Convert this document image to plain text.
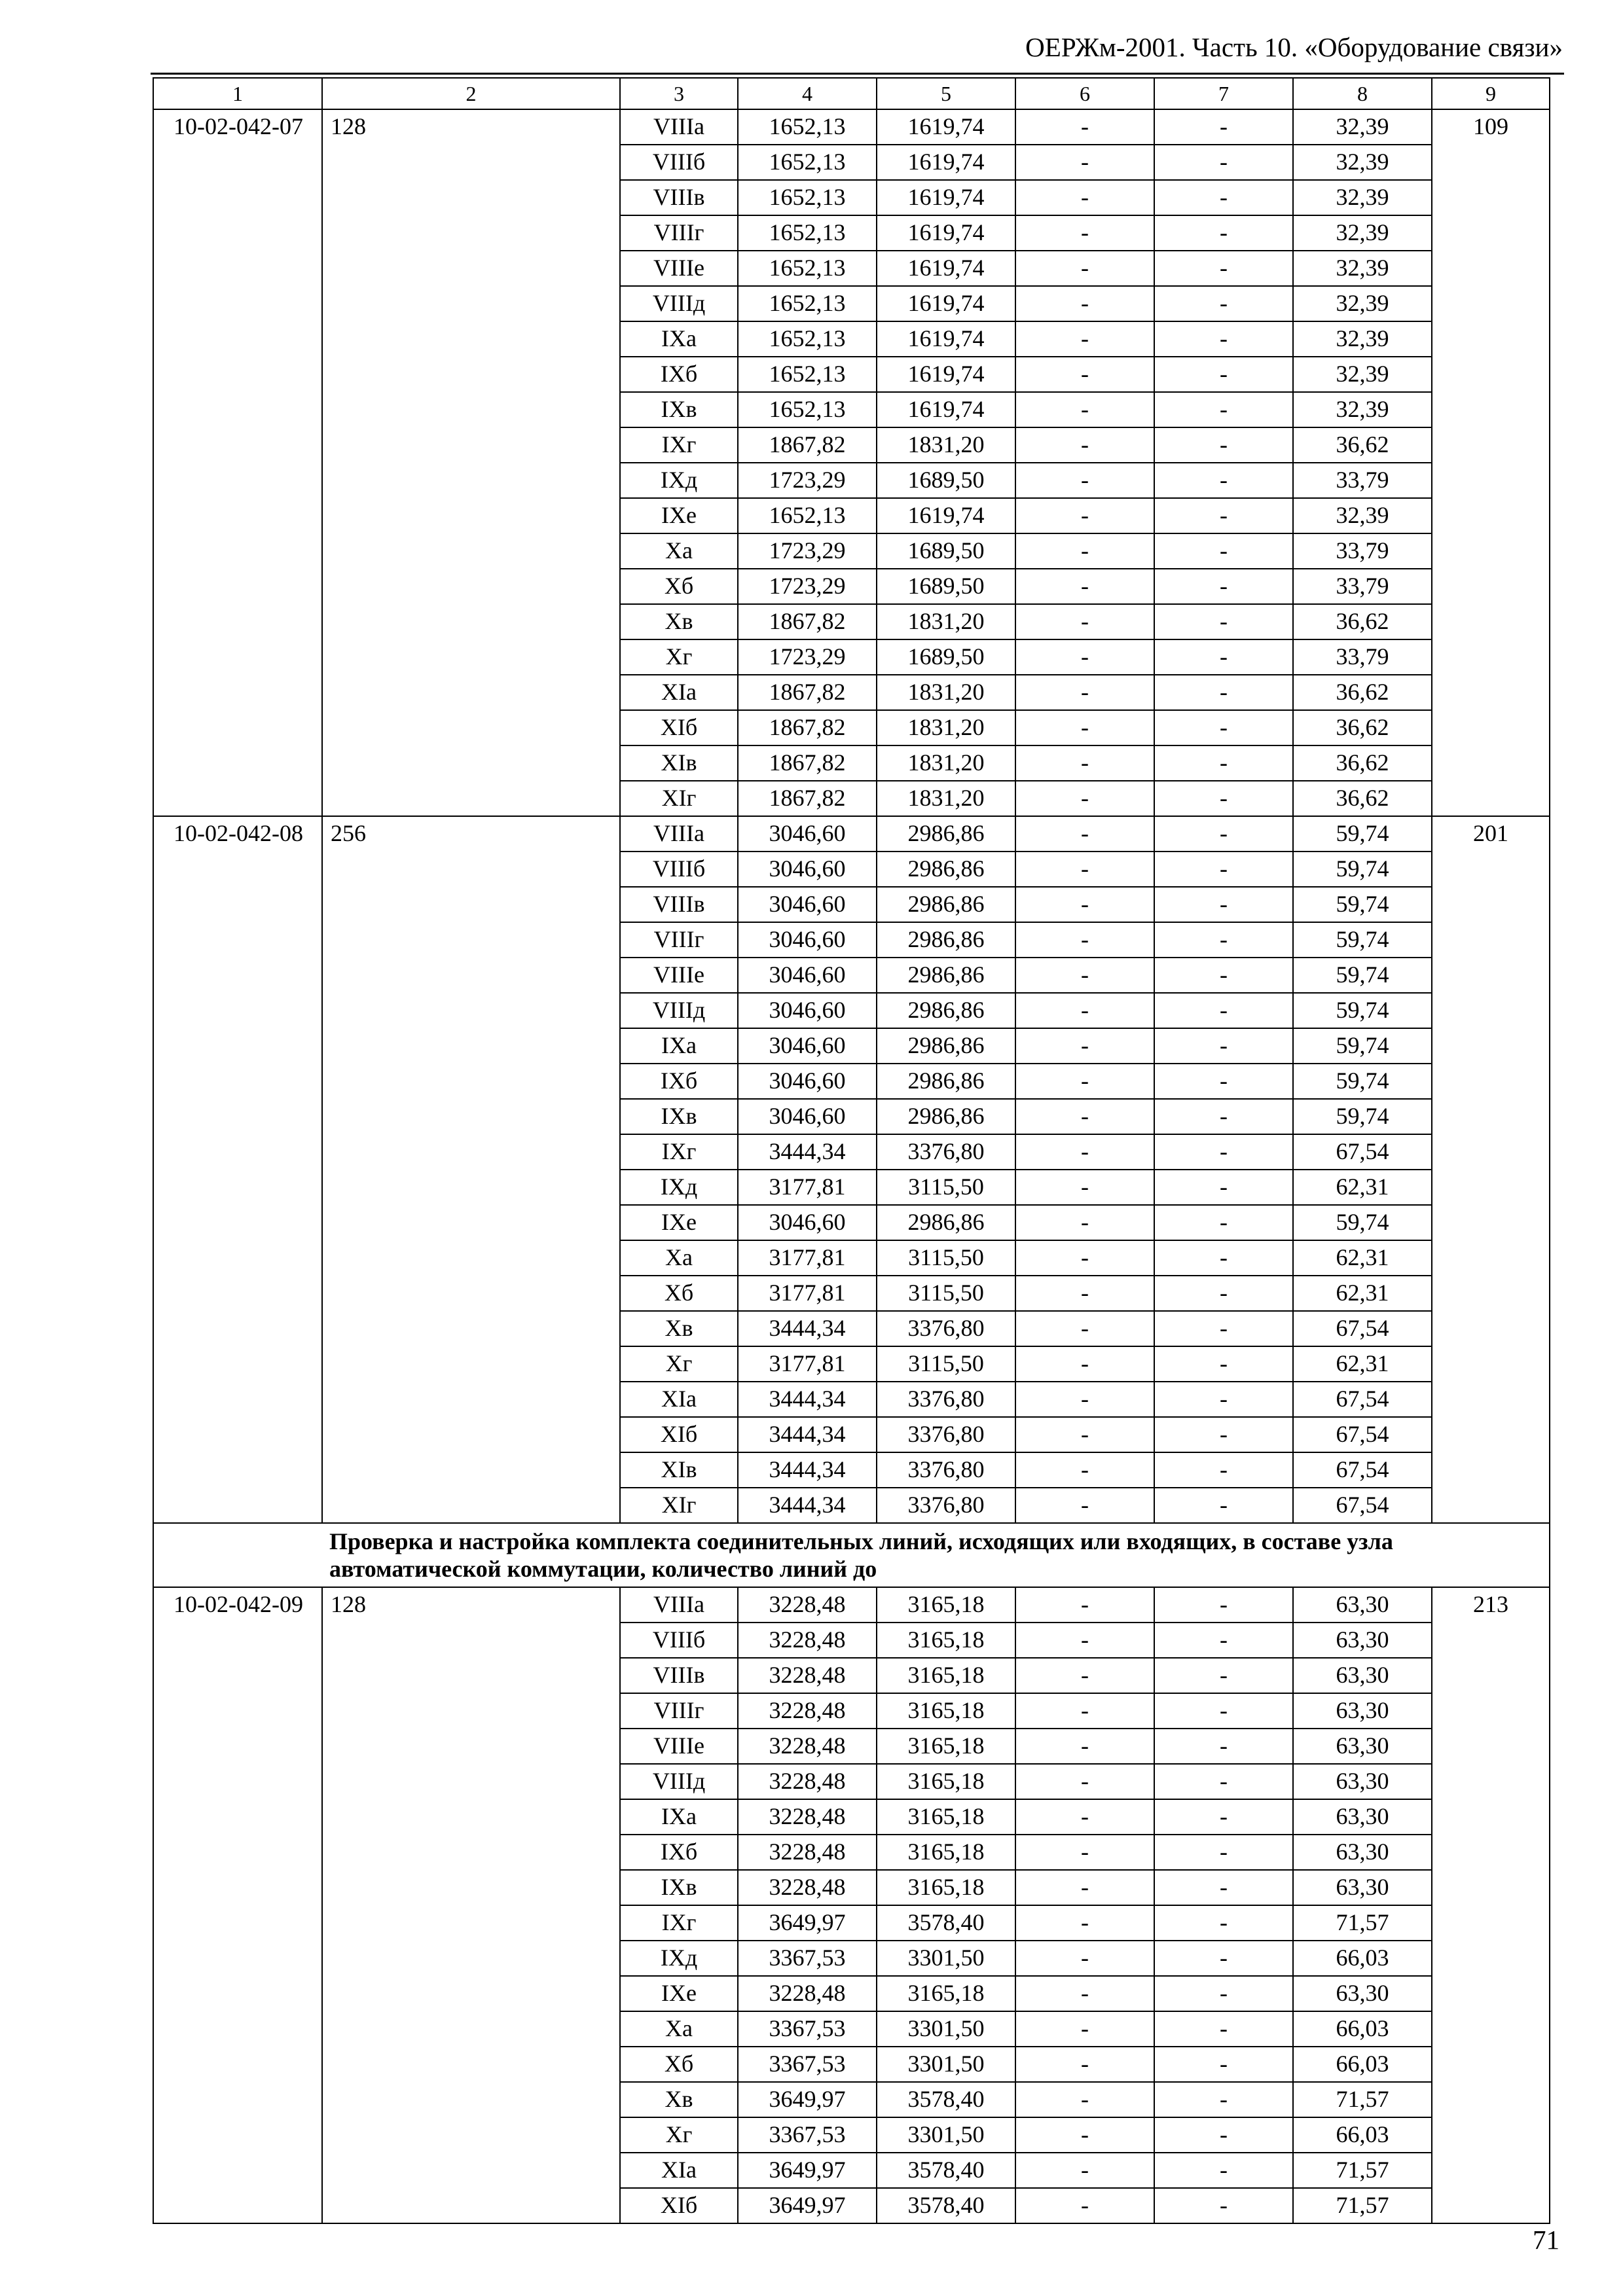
ОЕРЖм-2001. Часть 10. «Оборудование связи»
1	2	3	4	5	6	7	8	9
10-02-042-07	128	VIIIа	1652,13	1619,74	-	-	32,39	109
		VIIIб	1652,13	1619,74	-	-	32,39	
		VIIIв	1652,13	1619,74	-	-	32,39	
		VIIIг	1652,13	1619,74	-	-	32,39	
		VIIIе	1652,13	1619,74	-	-	32,39	
		VIIIд	1652,13	1619,74	-	-	32,39	
		IXа	1652,13	1619,74	-	-	32,39	
		IXб	1652,13	1619,74	-	-	32,39	
		IXв	1652,13	1619,74	-	-	32,39	
		IXг	1867,82	1831,20	-	-	36,62	
		IXд	1723,29	1689,50	-	-	33,79	
		IXе	1652,13	1619,74	-	-	32,39	
		Xа	1723,29	1689,50	-	-	33,79	
		Xб	1723,29	1689,50	-	-	33,79	
		Xв	1867,82	1831,20	-	-	36,62	
		Xг	1723,29	1689,50	-	-	33,79	
		XIа	1867,82	1831,20	-	-	36,62	
		XIб	1867,82	1831,20	-	-	36,62	
		XIв	1867,82	1831,20	-	-	36,62	
		XIг	1867,82	1831,20	-	-	36,62	
10-02-042-08	256	VIIIа	3046,60	2986,86	-	-	59,74	201
		VIIIб	3046,60	2986,86	-	-	59,74	
		VIIIв	3046,60	2986,86	-	-	59,74	
		VIIIг	3046,60	2986,86	-	-	59,74	
		VIIIе	3046,60	2986,86	-	-	59,74	
		VIIIд	3046,60	2986,86	-	-	59,74	
		IXа	3046,60	2986,86	-	-	59,74	
		IXб	3046,60	2986,86	-	-	59,74	
		IXв	3046,60	2986,86	-	-	59,74	
		IXг	3444,34	3376,80	-	-	67,54	
		IXд	3177,81	3115,50	-	-	62,31	
		IXе	3046,60	2986,86	-	-	59,74	
		Xа	3177,81	3115,50	-	-	62,31	
		Xб	3177,81	3115,50	-	-	62,31	
		Xв	3444,34	3376,80	-	-	67,54	
		Xг	3177,81	3115,50	-	-	62,31	
		XIа	3444,34	3376,80	-	-	67,54	
		XIб	3444,34	3376,80	-	-	67,54	
		XIв	3444,34	3376,80	-	-	67,54	
		XIг	3444,34	3376,80	-	-	67,54	
Проверка и настройка комплекта соединительных линий, исходящих или входящих, в составе узла автоматической коммутации, количество линий до								
10-02-042-09	128	VIIIа	3228,48	3165,18	-	-	63,30	213
		VIIIб	3228,48	3165,18	-	-	63,30	
		VIIIв	3228,48	3165,18	-	-	63,30	
		VIIIг	3228,48	3165,18	-	-	63,30	
		VIIIе	3228,48	3165,18	-	-	63,30	
		VIIIд	3228,48	3165,18	-	-	63,30	
		IXа	3228,48	3165,18	-	-	63,30	
		IXб	3228,48	3165,18	-	-	63,30	
		IXв	3228,48	3165,18	-	-	63,30	
		IXг	3649,97	3578,40	-	-	71,57	
		IXд	3367,53	3301,50	-	-	66,03	
		IXе	3228,48	3165,18	-	-	63,30	
		Xа	3367,53	3301,50	-	-	66,03	
		Xб	3367,53	3301,50	-	-	66,03	
		Xв	3649,97	3578,40	-	-	71,57	
		Xг	3367,53	3301,50	-	-	66,03	
		XIа	3649,97	3578,40	-	-	71,57	
		XIб	3649,97	3578,40	-	-	71,57	
71
